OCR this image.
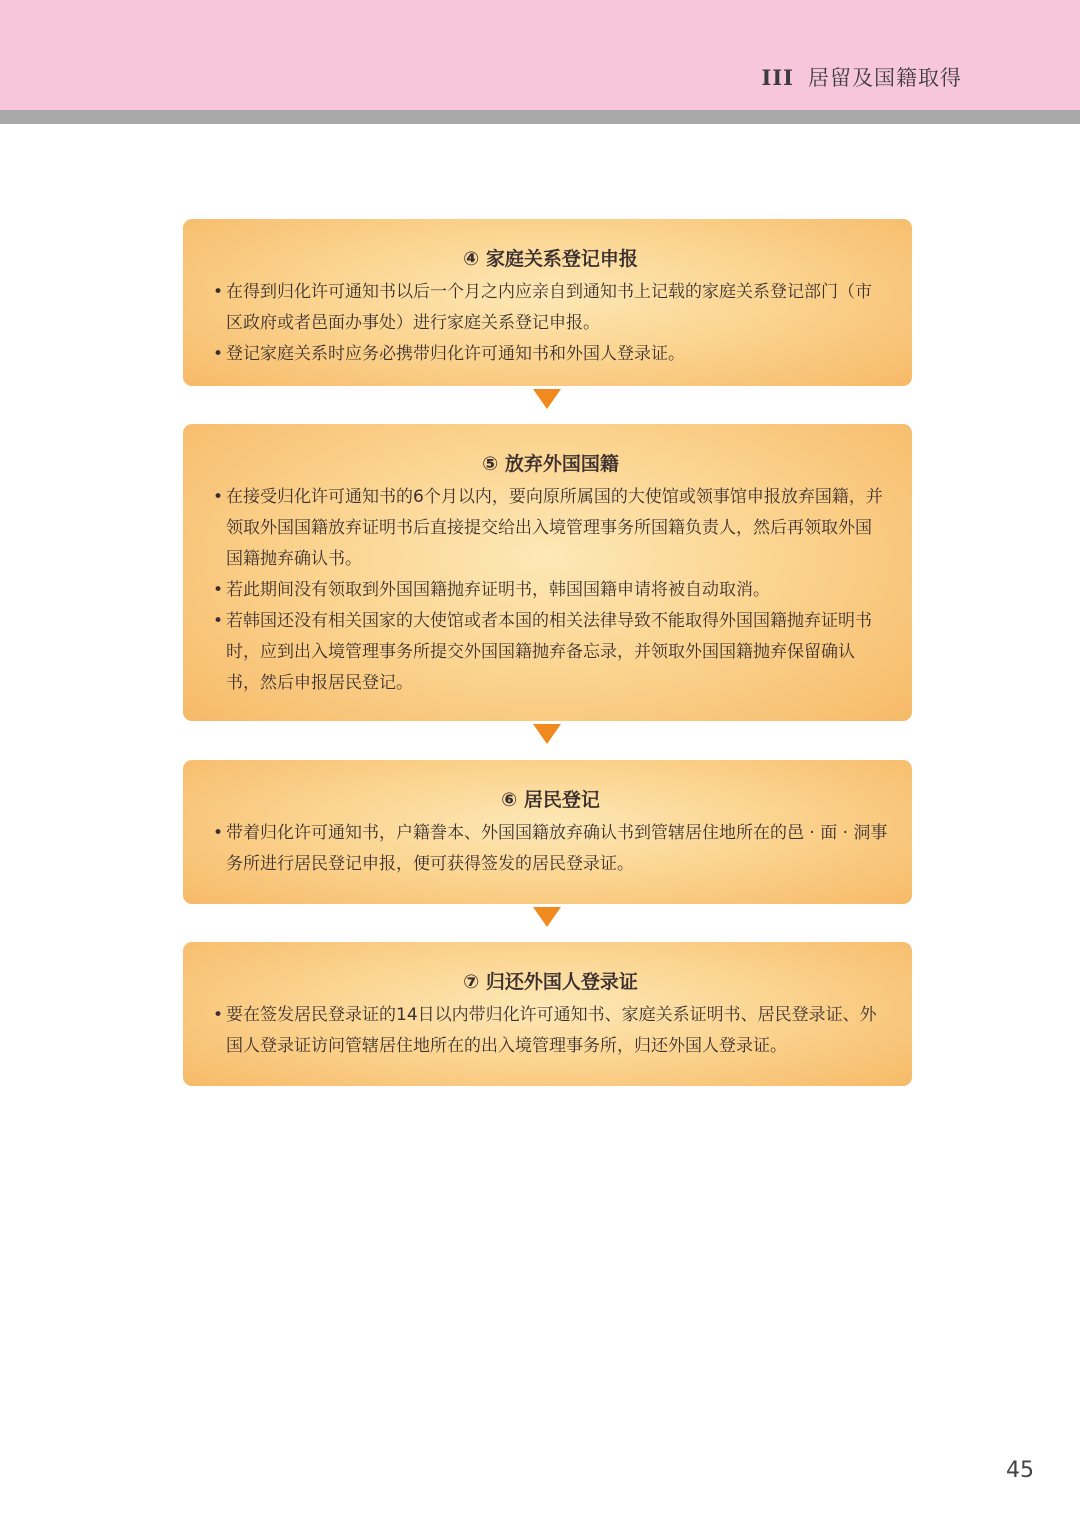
III 居留及国籍取得
④ 家庭关系登记申报
• 在得到归化许可通知书以后一个月之内应亲自到通知书上记载的家庭关系登记部门（市区政府或者邑面办事处）进行家庭关系登记申报。
• 登记家庭关系时应务必携带归化许可通知书和外国人登录证。
⑤ 放弃外国国籍
• 在接受归化许可通知书的6个月以内，要向原所属国的大使馆或领事馆申报放弃国籍，并领取外国国籍放弃证明书后直接提交给出入境管理事务所国籍负责人，然后再领取外国国籍抛弃确认书。
• 若此期间没有领取到外国国籍抛弃证明书，韩国国籍申请将被自动取消。
• 若韩国还没有相关国家的大使馆或者本国的相关法律导致不能取得外国国籍抛弃证明书时，应到出入境管理事务所提交外国国籍抛弃备忘录，并领取外国国籍抛弃保留确认书，然后申报居民登记。
⑥ 居民登记
• 带着归化许可通知书，户籍誊本、外国国籍放弃确认书到管辖居住地所在的邑 · 面 · 洞事务所进行居民登记申报，便可获得签发的居民登录证。
⑦ 归还外国人登录证
• 要在签发居民登录证的14日以内带归化许可通知书、家庭关系证明书、居民登录证、外国人登录证访问管辖居住地所在的出入境管理事务所，归还外国人登录证。
45
